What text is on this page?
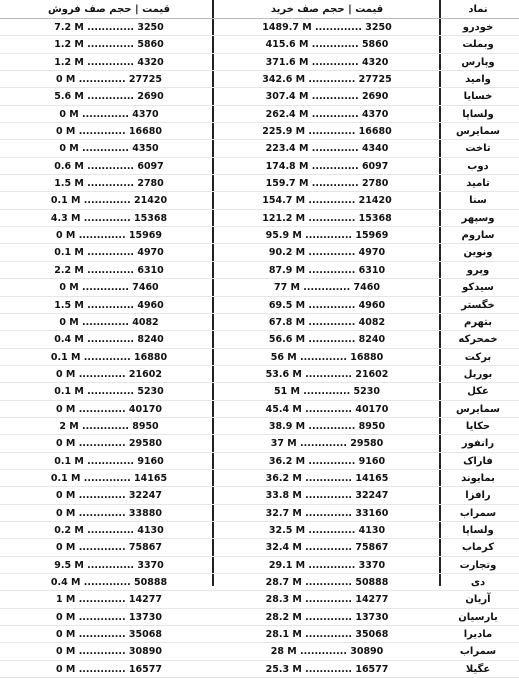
قیمت | حجم صف فروش	قیمت | حجم صف خرید	نماد
7.2 M ............. 3250	1489.7 M ............. 3250	خودرو
1.2 M ............. 5860	415.6 M ............. 5860	وبملت
1.2 M ............. 4320	371.6 M ............. 4320	وپارس
0 M ............. 27725	342.6 M ............. 27725	وامید
5.6 M ............. 2690	307.4 M ............. 2690	خسایا
0 M ............. 4370	262.4 M ............. 4370	ولساپا
0 M ............. 16680	225.9 M ............. 16680	سمایرس
0 M ............. 4350	223.4 M ............. 4340	تاخت
0.6 M ............. 6097	174.8 M ............. 6097	دوب
1.5 M ............. 2780	159.7 M ............. 2780	تامید
0.1 M ............. 21420	154.7 M ............. 21420	سنا
4.3 M ............. 15368	121.2 M ............. 15368	وسپهر
0 M ............. 15969	95.9 M ............. 15969	ساروم
0.1 M ............. 4970	90.2 M ............. 4970	ونوین
2.2 M ............. 6310	87.9 M ............. 6310	وپرو
0 M ............. 7460	77 M ............. 7460	سیدکو
1.5 M ............. 4960	69.5 M ............. 4960	خگستر
0 M ............. 4082	67.8 M ............. 4082	بتهرم
0.4 M ............. 8240	56.6 M ............. 8240	خمحرکه
0.1 M ............. 16880	56 M ............. 16880	برکت
0 M ............. 21602	53.6 M ............. 21602	بوریل
0.1 M ............. 5230	51 M ............. 5230	عکل
0 M ............. 40170	45.4 M ............. 40170	سمایرس
2 M ............. 8950	38.9 M ............. 8950	حکایا
0 M ............. 29580	37 M ............. 29580	رانفور
0.1 M ............. 9160	36.2 M ............. 9160	فاراک
0.1 M ............. 14165	36.2 M ............. 14165	بمایوند
0 M ............. 32247	33.8 M ............. 32247	رافزا
0 M ............. 33880	32.7 M ............. 33160	سمراب
0.2 M ............. 4130	32.5 M ............. 4130	ولساپا
0 M ............. 75867	32.4 M ............. 75867	کرماب
9.5 M ............. 3370	29.1 M ............. 3370	وتجارت
0.4 M ............. 50888	28.7 M ............. 50888	دی
1 M ............. 14277	28.3 M ............. 14277	آریان
0 M ............. 13730	28.2 M ............. 13730	بارسیان
0 M ............. 35068	28.1 M ............. 35068	مادیرا
0 M ............. 30890	28 M ............. 30890	سمراب
0 M ............. 16577	25.3 M ............. 16577	عگیلا
